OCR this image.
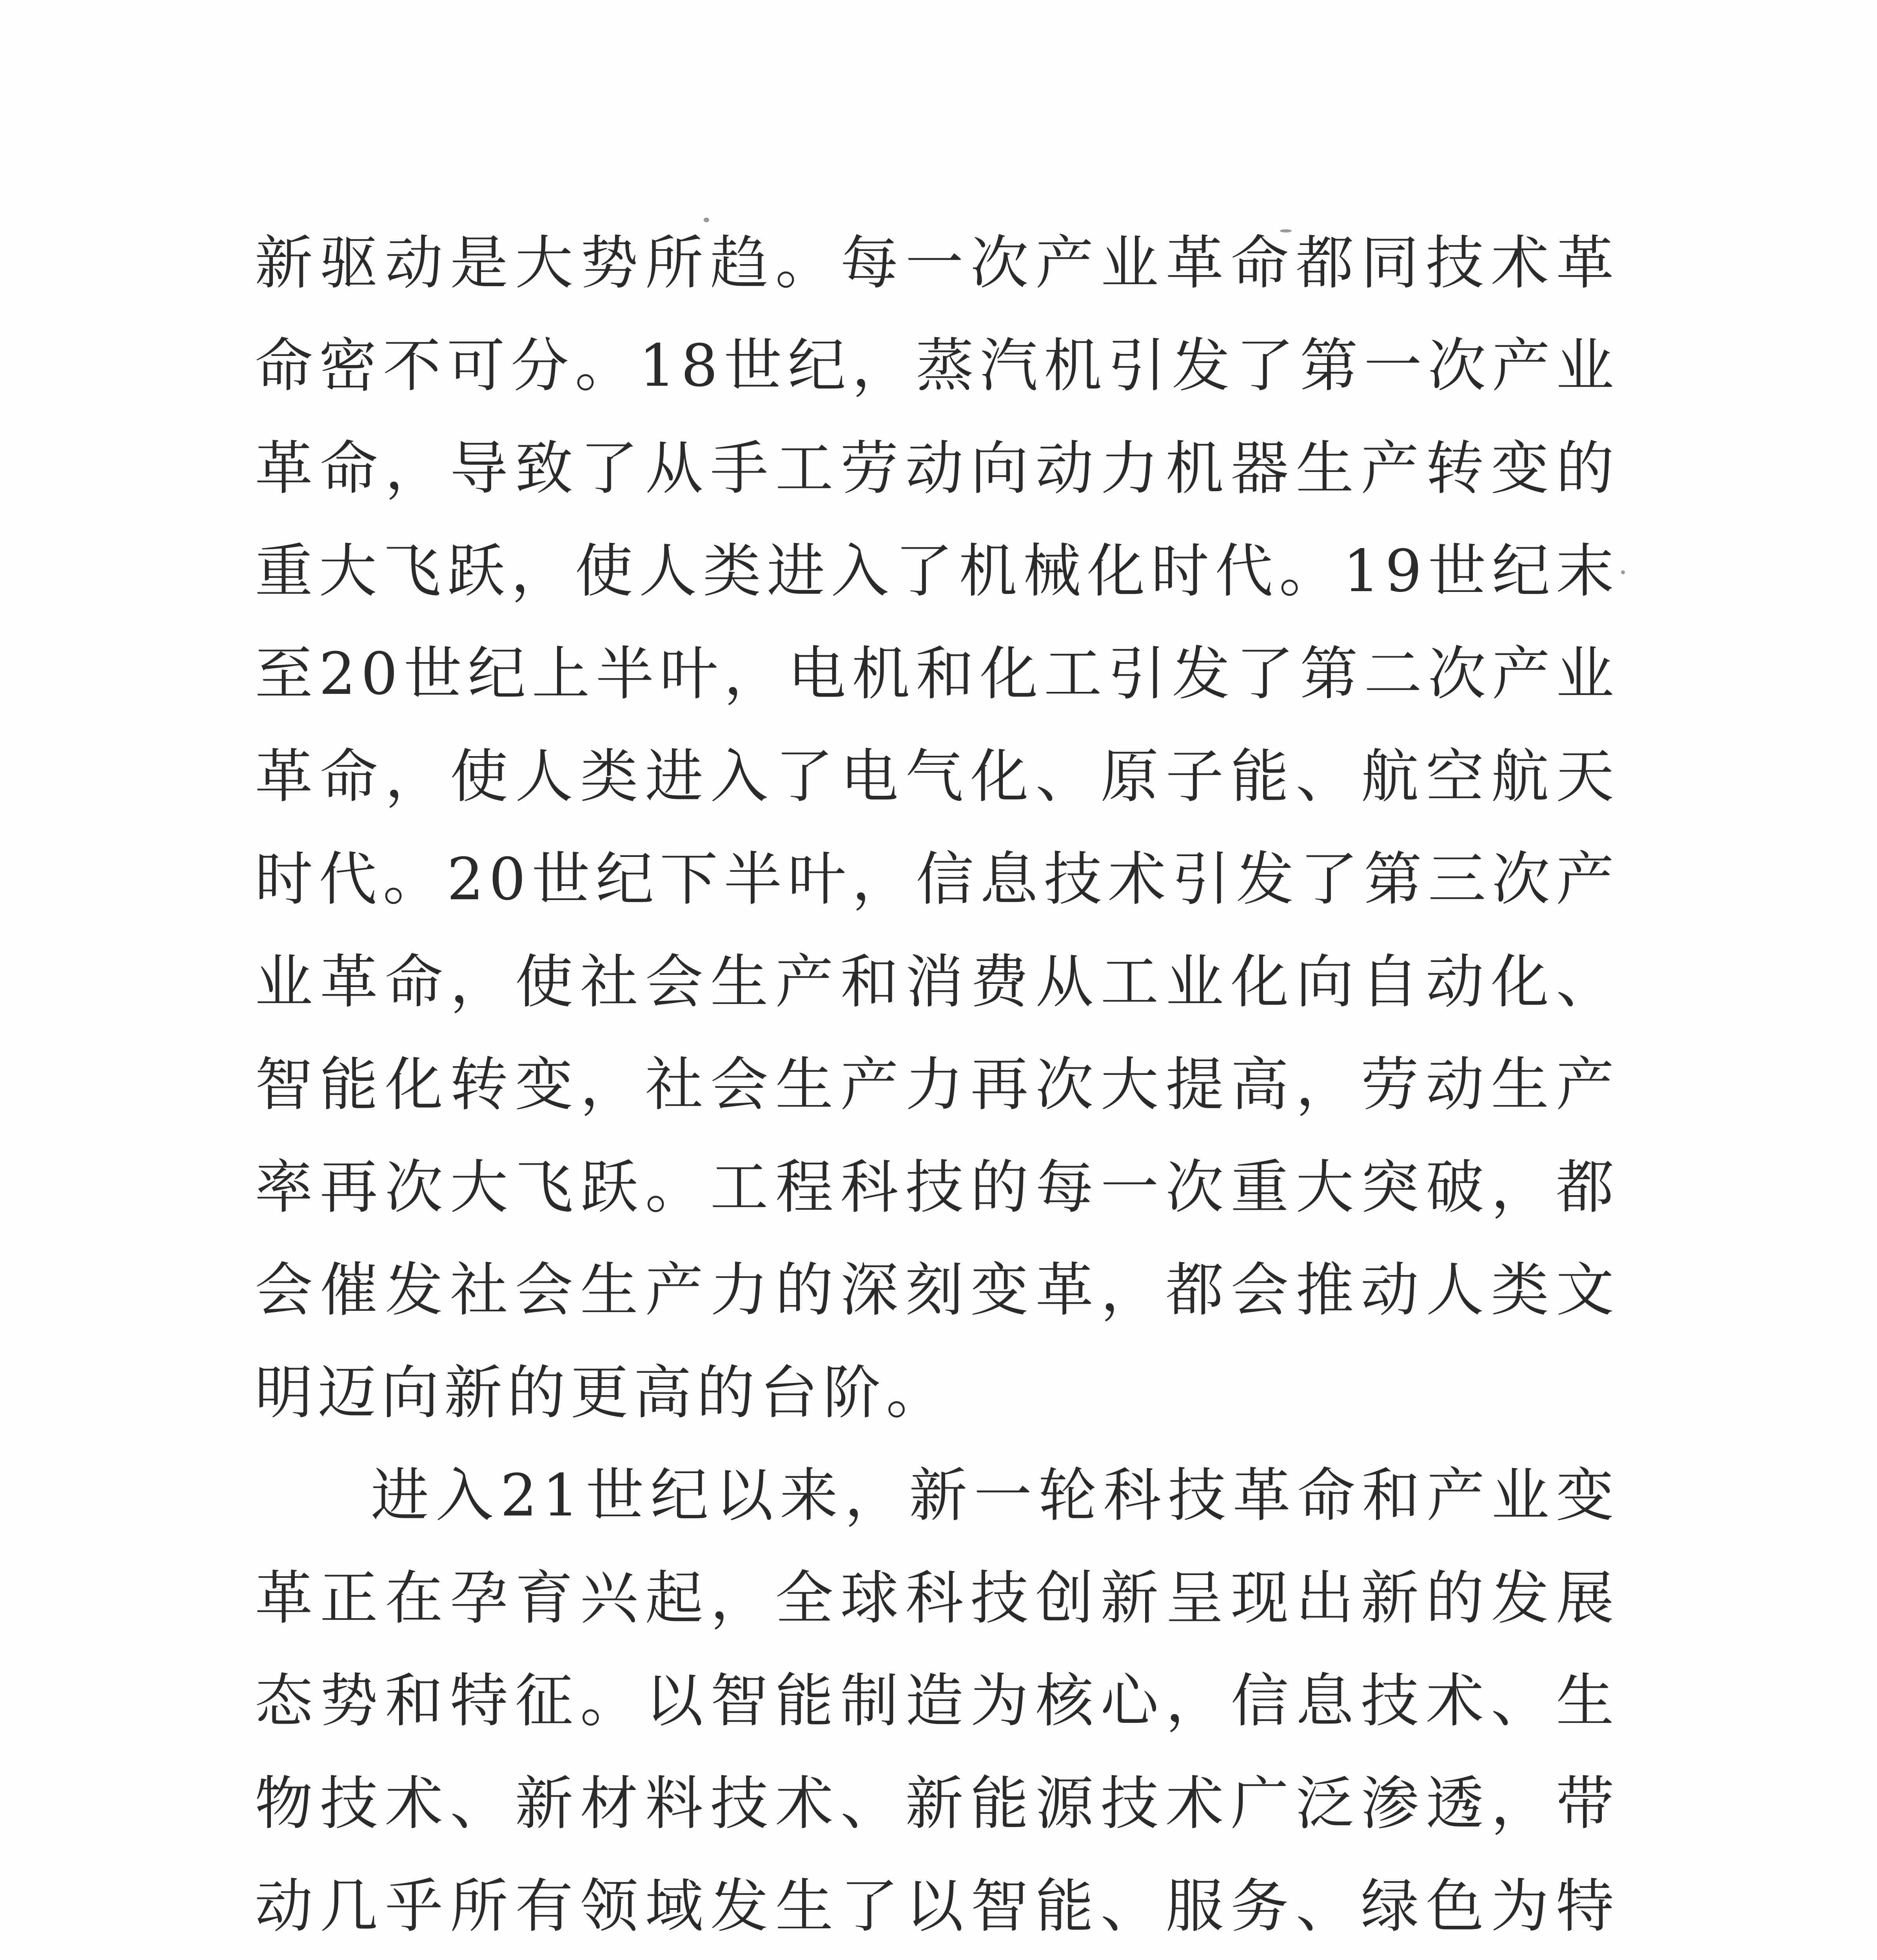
新驱动是大势所趋。每一次产业革命都同技术革命密不可分。18世纪，蒸汽机引发了第一次产业革命，导致了从手工劳动向动力机器生产转变的重大飞跃，使人类进入了机械化时代。19世纪末至20世纪上半叶，电机和化工引发了第二次产业革命，使人类进入了电气化、原子能、航空航天时代。20世纪下半叶，信息技术引发了第三次产业革命，使社会生产和消费从工业化向自动化、智能化转变，社会生产力再次大提高，劳动生产率再次大飞跃。工程科技的每一次重大突破，都会催发社会生产力的深刻变革，都会推动人类文明迈向新的更高的台阶。

进入21世纪以来，新一轮科技革命和产业变革正在孕育兴起，全球科技创新呈现出新的发展态势和特征。以智能制造为核心，信息技术、生物技术、新材料技术、新能源技术广泛渗透，带动几乎所有领域发生了以智能、服务、绿色为特
